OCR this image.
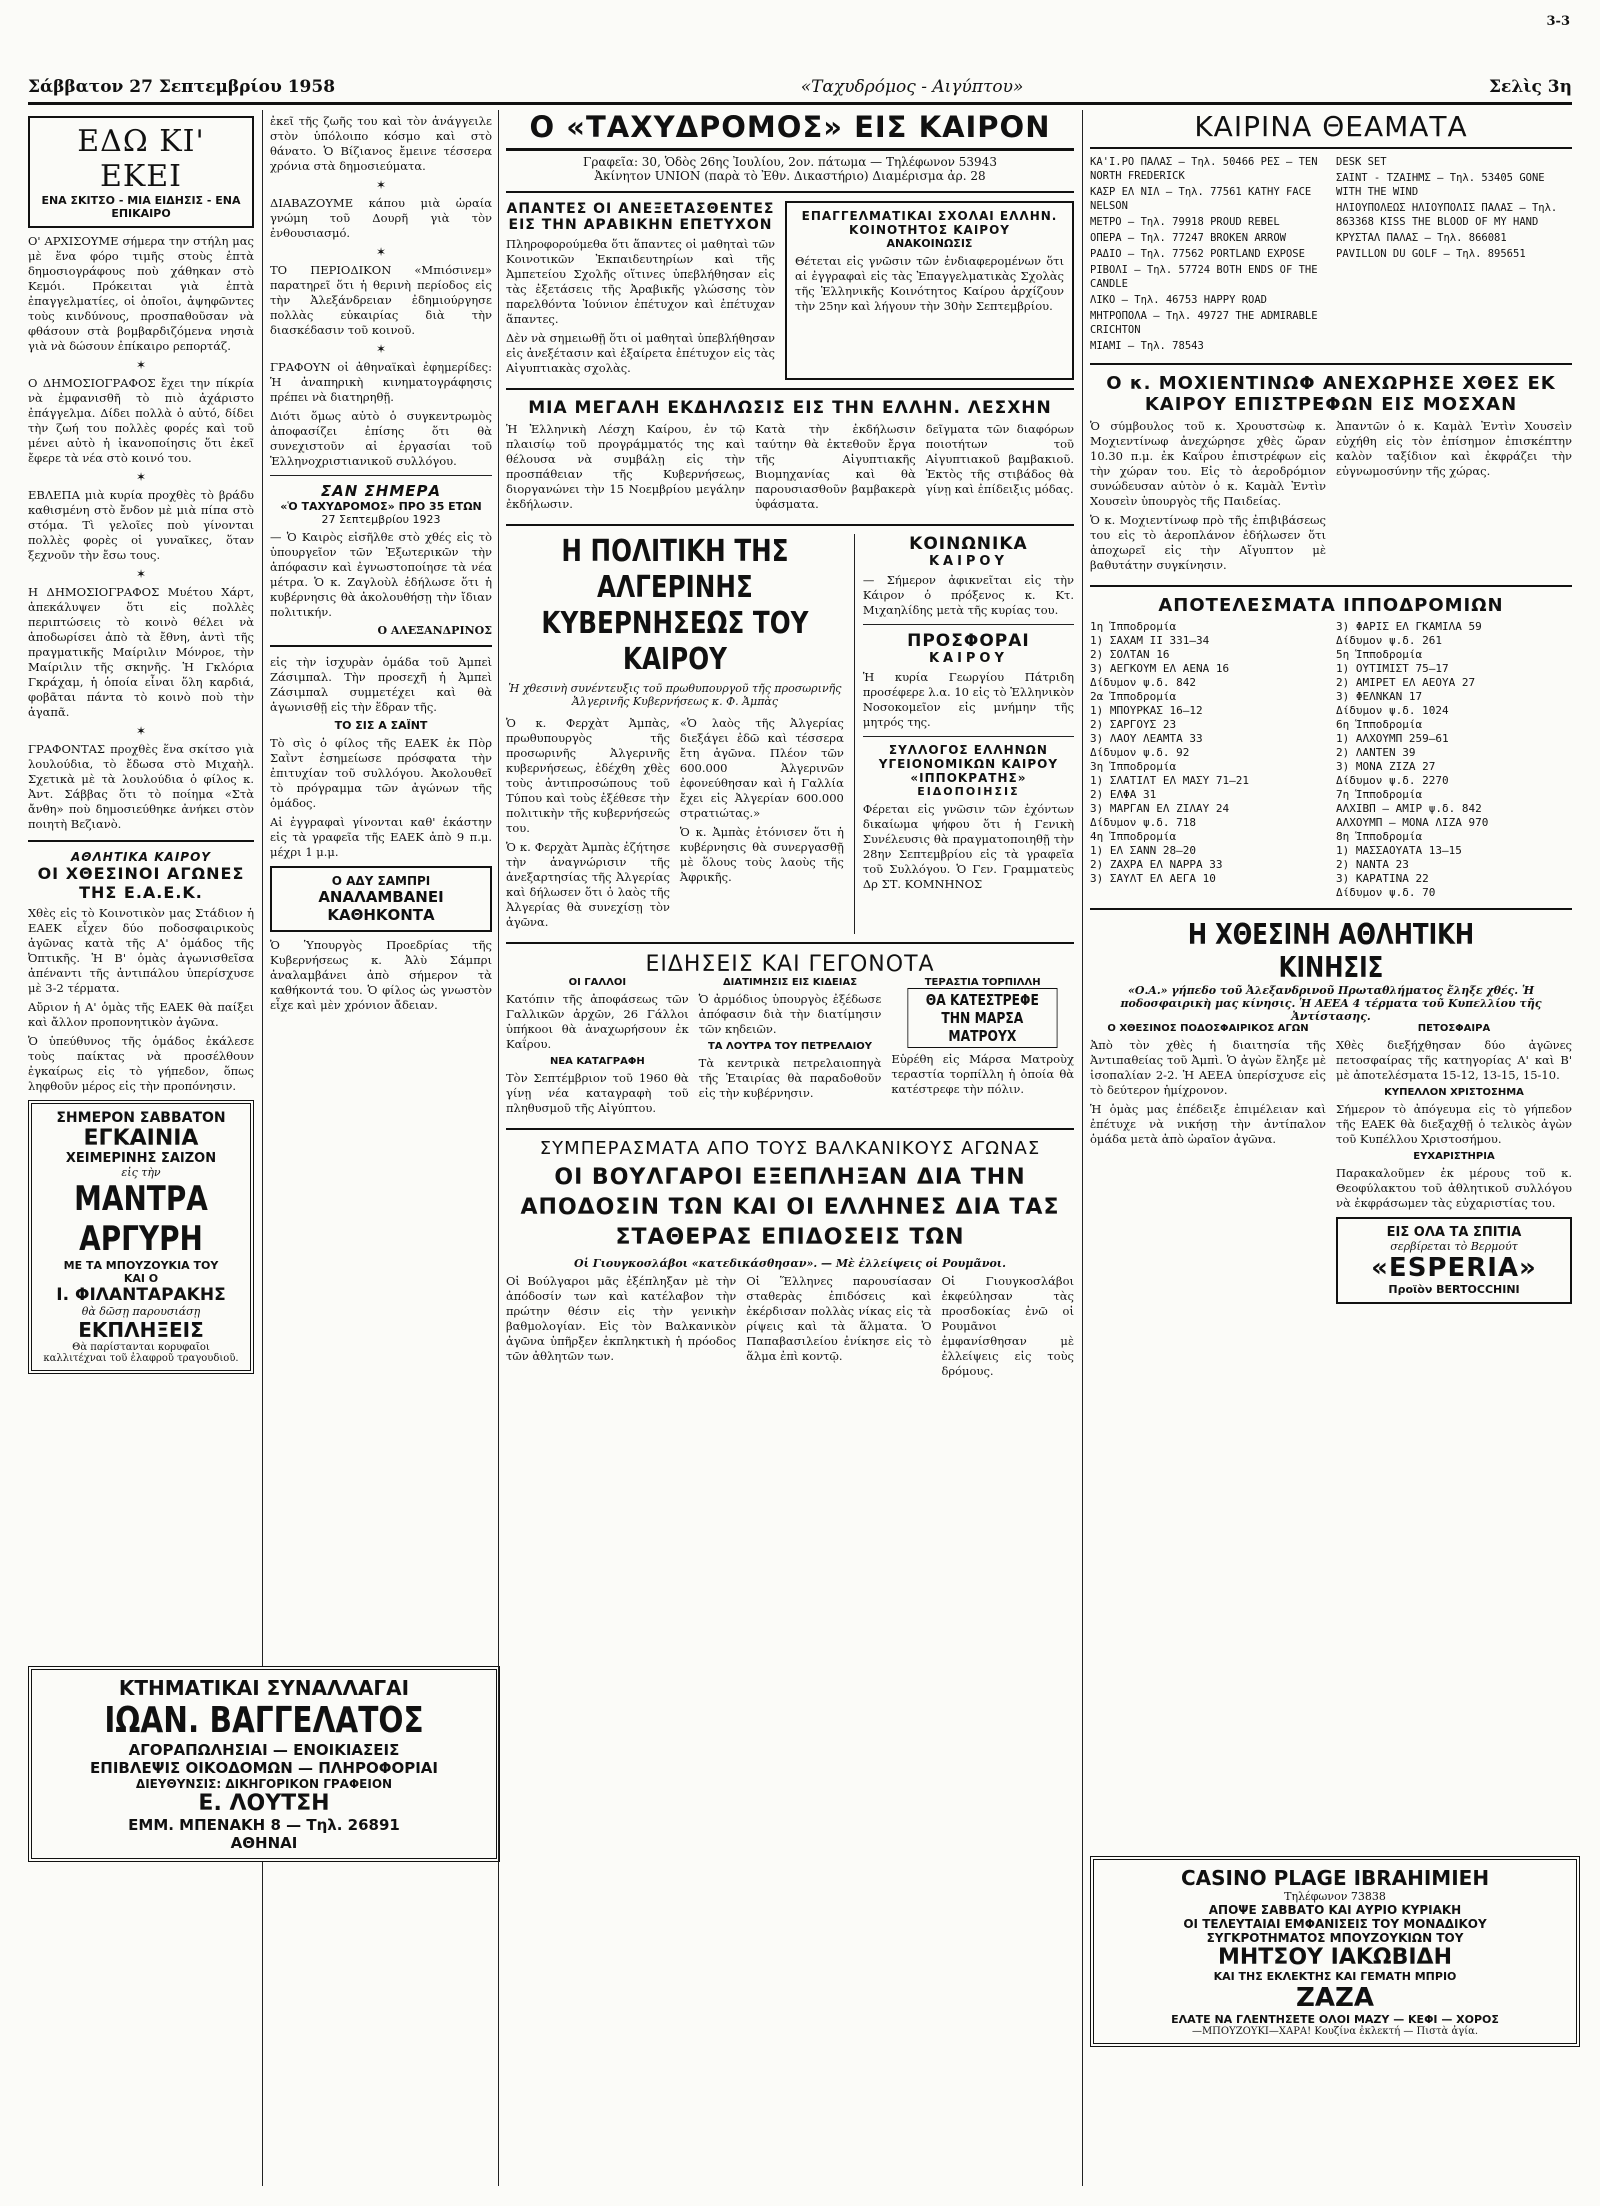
Σάββατον 27 Σεπτεμβρίου 1958	«Ταχυδρόμος - Αιγύπτου»	Σελὶς 3η
3-3
ΕΔΩ ΚΙ' ΕΚΕΙ
ΕΝΑ ΣΚΙΤΣΟ - ΜΙΑ ΕΙΔΗΣΙΣ - ΕΝΑ ΕΠΙΚΑΙΡΟ

Ο' ΑΡΧΙΣΟΥΜΕ σήμερα την στήλη μας μὲ ἕνα φόρο τιμῆς στοὺς ἑπτὰ δημοσιογράφους ποὺ χάθηκαν στὸ Κεμόι. Πρόκειται γιὰ ἑπτὰ ἐπαγγελματίες, οἱ ὁποῖοι, ἀψηφῶντες τοὺς κινδύνους, προσπαθοῦσαν νὰ φθάσουν στὰ βομβαρδιζόμενα νησιὰ γιὰ νὰ δώσουν ἐπίκαιρο ρεπορτάζ.

✶

Ο ΔΗΜΟΣΙΟΓΡΑΦΟΣ ἔχει την πίκρία νὰ ἐμφανισθῆ τὸ πιὸ ἀχάριστο ἐπάγγελμα. Δίδει πολλὰ ὁ αὐτό, δίδει τὴν ζωή του πολλὲς φορές καὶ τοῦ μένει αὐτὸ ἡ ἱκανοποίησις ὅτι ἐκεῖ ἔφερε τὰ νέα στὸ κοινό του.

✶

ΕΒΛΕΠΑ μιὰ κυρία προχθὲς τὸ βράδυ καθισμένη στὸ ἔνδον μὲ μιὰ πίπα στὸ στόμα. Τὶ γελοῖες ποὺ γίνονται πολλὲς φορὲς οἱ γυναῖκες, ὅταν ξεχνοῦν τὴν ἔσω τους.

✶

Η ΔΗΜΟΣΙΟΓΡΑΦΟΣ Μυέτου Χάρτ, ἀπεκάλυψεν ὅτι εἰς πολλὲς περιπτώσεις τὸ κοινὸ θέλει νὰ ἀποδωρίσει ἀπὸ τὰ ἔθνη, ἀντὶ τῆς πραγματικῆς Μαίριλιν Μόνροε, τὴν Μαίριλιν τῆς σκηνῆς. Ἡ Γκλόρια Γκράχαμ, ἡ ὁποία εἶναι ὅλη καρδιά, φοβᾶται πάντα τὸ κοινὸ ποὺ τὴν ἀγαπᾶ.

✶

ΓΡΑΦΟΝΤΑΣ προχθὲς ἕνα σκίτσο γιὰ λουλούδια, τὸ ἔδωσα στὸ Μιχαὴλ. Σχετικὰ μὲ τὰ λουλούδια ὁ φίλος κ. Ἀντ. Σάββας ὅτι τὸ ποίημα «Στὰ ἄνθη» ποὺ δημοσιεύθηκε ἀνήκει στὸν ποιητὴ Βεζιανὸ.

ΑΘΛΗΤΙΚΑ ΚΑΙΡΟΥ
ΟΙ ΧΘΕΣΙΝΟΙ ΑΓΩΝΕΣ ΤΗΣ Ε.Α.Ε.Κ.

Χθὲς εἰς τὸ Κοινοτικὸν μας Στάδιον ἡ ΕΑΕΚ εἶχεν δύο ποδοσφαιρικοὺς ἀγῶνας κατὰ τῆς Α' ὁμάδος τῆς Ὀπτικῆς. Ἡ Β' ὁμὰς ἀγωνισθεῖσα ἀπέναντι τῆς ἀντιπάλου ὑπερίσχυσε μὲ 3-2 τέρματα.

Αὔριον ἡ Α' ὁμὰς τῆς ΕΑΕΚ θὰ παίξει καὶ ἄλλον προπονητικὸν ἀγῶνα.

Ὁ ὑπεύθυνος τῆς ὁμάδος ἐκάλεσε τοὺς παίκτας νὰ προσέλθουν ἐγκαίρως εἰς τὸ γήπεδον, ὅπως ληφθοῦν μέρος εἰς τὴν προπόνησιν.

ΣΗΜΕΡΟΝ ΣΑΒΒΑΤΟΝ
ΕΓΚΑΙΝΙΑ
ΧΕΙΜΕΡΙΝΗΣ ΣΑΙΖΟΝ
εἰς τὴν
ΜΑΝΤΡΑ ΑΡΓΥΡΗ
ΜΕ ΤΑ ΜΠΟΥΖΟΥΚΙΑ ΤΟΥ
ΚΑΙ Ο
Ι. ΦΙΛΑΝΤΑΡΑΚΗΣ
θὰ δῶσῃ παρουσιάσῃ
ΕΚΠΛΗΞΕΙΣ
Θὰ παρίστανται κορυφαῖοι καλλιτέχναι τοῦ ἐλαφροῦ τραγουδιοῦ.

ἐκεῖ τῆς ζωῆς του καὶ τὸν ἀνάγγειλε στὸν ὑπόλοιπο κόσμο καὶ στὸ θάνατο. Ὁ Βίζιανος ἔμεινε τέσσερα χρόνια στὰ δημοσιεύματα.

✶

ΔΙΑΒΑΖΟΥΜΕ κάπου μιὰ ὡραία γνώμη τοῦ Δουρῆ γιὰ τὸν ἐνθουσιασμό.

✶

ΤΟ ΠΕΡΙΟΔΙΚΟΝ «Μπιόσινεμ» παρατηρεῖ ὅτι ἡ θερινὴ περίοδος εἰς τὴν Ἀλεξάνδρειαν ἐδημιούργησε πολλὰς εὐκαιρίας διὰ τὴν διασκέδασιν τοῦ κοινοῦ.

✶

ΓΡΑΦΟΥΝ οἱ ἀθηναϊκαὶ ἐφημερίδες: Ἡ ἀναπηρικὴ κινηματογράφησις πρέπει νὰ διατηρηθῇ.

Διότι ὅμως αὐτὸ ὁ συγκεντρωμὸς ἀποφασίζει ἐπίσης ὅτι θὰ συνεχιστοῦν αἱ ἐργασίαι τοῦ Ἑλληνοχριστιανικοῦ συλλόγου.

ΣΑΝ ΣΗΜΕΡΑ
«Ὁ ΤΑΧΥΔΡΟΜΟΣ» ΠΡΟ 35 ΕΤΩΝ
27 Σεπτεμβρίου 1923

— Ὁ Καιρὸς εἰσῆλθε στὸ χθές εἰς τὸ ὑπουργεῖον τῶν Ἐξωτερικῶν τὴν ἀπόφασιν καὶ ἐγνωστοποίησε τὰ νέα μέτρα. Ὁ κ. Ζαγλοὺλ ἐδήλωσε ὅτι ἡ κυβέρνησις θὰ ἀκολουθήσῃ τὴν ἴδιαν πολιτικήν.

Ο ΑΛΕΞΑΝΔΡΙΝΟΣ

εἰς τὴν ἰσχυρὰν ὁμάδα τοῦ Ἀμπεὶ Ζάσιμπαλ. Τὴν προσεχῆ ἡ Ἀμπεὶ Ζάσιμπαλ συμμετέχει καὶ θὰ ἀγωνισθῇ εἰς τὴν ἕδραν τῆς.

ΤΟ ΣΙΣ Α ΣΑΪΝΤ

Τὸ σὶς ὁ φίλος τῆς ΕΑΕΚ ἐκ Πὸρ Σαῒντ ἐσημείωσε πρόσφατα τὴν ἐπιτυχίαν τοῦ συλλόγου. Ἀκολουθεῖ τὸ πρόγραμμα τῶν ἀγώνων τῆς ὁμάδος.

Αἱ ἐγγραφαὶ γίνονται καθ' ἑκάστην εἰς τὰ γραφεῖα τῆς ΕΑΕΚ ἀπὸ 9 π.μ. μέχρι 1 μ.μ.

Ο ΑΔΥ ΣΑΜΠΡΙ
ΑΝΑΛΑΜΒΑΝΕΙ ΚΑΘΗΚΟΝΤΑ

Ὁ Ὑπουργὸς Προεδρίας τῆς Κυβερνήσεως κ. Ἀλὺ Σάμπρι ἀναλαμβάνει ἀπὸ σήμερον τὰ καθήκοντά του. Ὁ φίλος ὡς γνωστὸν εἶχε καὶ μὲν χρόνιον ἄδειαν.

ΚΤΗΜΑΤΙΚΑΙ ΣΥΝΑΛΛΑΓΑΙ
ΙΩΑΝ. ΒΑΓΓΕΛΑΤΟΣ
ΑΓΟΡΑΠΩΛΗΣΙΑΙ — ΕΝΟΙΚΙΑΣΕΙΣ
ΕΠΙΒΛΕΨΙΣ ΟΙΚΟΔΟΜΩΝ — ΠΛΗΡΟΦΟΡΙΑΙ
ΔΙΕΥΘΥΝΣΙΣ: ΔΙΚΗΓΟΡΙΚΟΝ ΓΡΑΦΕΙΟΝ
Ε. ΛΟΥΤΣΗ
ΕΜΜ. ΜΠΕΝΑΚΗ 8 — Τηλ. 26891
ΑΘΗΝΑΙ
Ο «ΤΑΧΥΔΡΟΜΟΣ» ΕΙΣ ΚΑΙΡΟΝ
Γραφεῖα: 30, Ὁδὸς 26ης Ἰουλίου, 2ον. πάτωμα — Τηλέφωνον 53943
Ἀκίνητον UNION (παρὰ τὸ Ἐθν. Δικαστήριο) Διαμέρισμα ἀρ. 28
ΑΠΑΝΤΕΣ ΟΙ ΑΝΕΞΕΤΑΣΘΕΝΤΕΣ ΕΙΣ ΤΗΝ ΑΡΑΒΙΚΗΝ ΕΠΕΤΥΧΟΝ

Πληροφορούμεθα ὅτι ἅπαντες οἱ μαθηταὶ τῶν Κοινοτικῶν Ἐκπαιδευτηρίων καὶ τῆς Ἀμπετείου Σχολῆς οἵτινες ὑπεβλήθησαν εἰς τὰς ἐξετάσεις τῆς Ἀραβικῆς γλώσσης τὸν παρελθόντα Ἰούνιον ἐπέτυχον καὶ ἐπέτυχαν ἅπαντες.

Δὲν νὰ σημειωθῇ ὅτι οἱ μαθηταὶ ὑπεβλήθησαν εἰς ἀνεξέτασιν καὶ ἐξαίρετα ἐπέτυχον εἰς τὰς Αἰγυπτιακὰς σχολὰς.

ΕΠΑΓΓΕΛΜΑΤΙΚΑΙ ΣΧΟΛΑΙ ΕΛΛΗΝ. ΚΟΙΝΟΤΗΤΟΣ ΚΑΙΡΟΥ
ΑΝΑΚΟΙΝΩΣΙΣ

Θέτεται εἰς γνῶσιν τῶν ἐνδιαφερομένων ὅτι αἱ ἐγγραφαὶ εἰς τὰς Ἐπαγγελματικὰς Σχολὰς τῆς Ἑλληνικῆς Κοινότητος Καίρου ἀρχίζουν τὴν 25ην καὶ λήγουν τὴν 30ὴν Σεπτεμβρίου.

ΜΙΑ ΜΕΓΑΛΗ ΕΚΔΗΛΩΣΙΣ ΕΙΣ ΤΗΝ ΕΛΛΗΝ. ΛΕΣΧΗΝ

Ἡ Ἑλληνικὴ Λέσχη Καίρου, ἐν τῷ πλαισίῳ τοῦ προγράμματός της καὶ θέλουσα νὰ συμβάλῃ εἰς τὴν προσπάθειαν τῆς Κυβερνήσεως, διοργανώνει τὴν 15 Νοεμβρίου μεγάλην ἐκδήλωσιν.

Κατὰ τὴν ἐκδήλωσιν ταύτην θὰ ἐκτεθοῦν ἔργα τῆς Αἰγυπτιακῆς Βιομηχανίας καὶ θὰ παρουσιασθοῦν βαμβακερὰ ὑφάσματα.

δεῖγματα τῶν διαφόρων ποιοτήτων τοῦ Αἰγυπτιακοῦ βαμβακιοῦ. Ἐκτὸς τῆς στιβάδος θὰ γίνῃ καὶ ἐπίδειξις μόδας.

Η ΠΟΛΙΤΙΚΗ ΤΗΣ ΑΛΓΕΡΙΝΗΣ ΚΥΒΕΡΝΗΣΕΩΣ ΤΟΥ ΚΑΙΡΟΥ
Ἡ χθεσινὴ συνέντευξις τοῦ πρωθυπουργοῦ τῆς προσωρινῆς Ἀλγερινῆς Κυβερνήσεως κ. Φ. Ἀμπὰς

Ὁ κ. Φερχὰτ Ἀμπὰς, πρωθυπουργὸς τῆς προσωρινῆς Ἀλγερινῆς κυβερνήσεως, ἐδέχθη χθὲς τοὺς ἀντιπροσώπους τοῦ Τύπου καὶ τοὺς ἐξέθεσε τὴν πολιτικὴν τῆς κυβερνήσεώς του.

Ὁ κ. Φερχὰτ Ἀμπὰς ἐζήτησε τὴν ἀναγνώρισιν τῆς ἀνεξαρτησίας τῆς Ἀλγερίας καὶ δήλωσεν ὅτι ὁ λαὸς τῆς Ἀλγερίας θὰ συνεχίσῃ τὸν ἀγῶνα.

«Ὁ λαὸς τῆς Ἀλγερίας διεξάγει ἐδῶ καὶ τέσσερα ἔτη ἀγῶνα. Πλέον τῶν 600.000 Ἀλγερινῶν ἐφονεύθησαν καὶ ἡ Γαλλία ἔχει εἰς Ἀλγερίαν 600.000 στρατιώτας.»

Ὁ κ. Ἀμπὰς ἐτόνισεν ὅτι ἡ κυβέρνησις θὰ συνεργασθῇ μὲ ὅλους τοὺς λαοὺς τῆς Ἀφρικῆς.

ΚΟΙΝΩΝΙΚΑ
ΚΑΙΡΟΥ

— Σήμερον ἀφικνεῖται εἰς τὴν Κάιρον ὁ πρόξενος κ. Κτ. Μιχαηλίδης μετὰ τῆς κυρίας του.

ΠΡΟΣΦΟΡΑΙ
ΚΑΙΡΟΥ

Ἡ κυρία Γεωργίου Πάτριδη προσέφερε λ.α. 10 εἰς τὸ Ἑλληνικὸν Νοσοκομεῖον εἰς μνήμην τῆς μητρός της.

ΣΥΛΛΟΓΟΣ ΕΛΛΗΝΩΝ ΥΓΕΙΟΝΟΜΙΚΩΝ ΚΑΙΡΟΥ «ΙΠΠΟΚΡΑΤΗΣ»
ΕΙΔΟΠΟΙΗΣΙΣ

Φέρεται εἰς γνῶσιν τῶν ἐχόντων δικαίωμα ψήφου ὅτι ἡ Γενικὴ Συνέλευσις θὰ πραγματοποιηθῇ τὴν 28ην Σεπτεμβρίου εἰς τὰ γραφεῖα τοῦ Συλλόγου. Ὁ Γεν. Γραμματεὺς Δρ ΣΤ. ΚΟΜΝΗΝΟΣ

ΕΙΔΗΣΕΙΣ ΚΑΙ ΓΕΓΟΝΟΤΑ
ΟΙ ΓΑΛΛΟΙ

Κατόπιν τῆς ἀποφάσεως τῶν Γαλλικῶν ἀρχῶν, 26 Γάλλοι ὑπήκοοι θὰ ἀναχωρήσουν ἐκ Καΐρου.

ΝΕΑ ΚΑΤΑΓΡΑΦΗ

Τὸν Σεπτέμβριον τοῦ 1960 θὰ γίνῃ νέα καταγραφὴ τοῦ πληθυσμοῦ τῆς Αἰγύπτου.

ΔΙΑΤΙΜΗΣΙΣ ΕΙΣ ΚΙΔΕΙΑΣ

Ὁ ἀρμόδιος ὑπουργὸς ἐξέδωσε ἀπόφασιν διὰ τὴν διατίμησιν τῶν κηδειῶν.

ΤΑ ΛΟΥΤΡΑ ΤΟΥ ΠΕΤΡΕΛΑΙΟΥ

Τὰ κεντρικὰ πετρελαιοπηγὰ τῆς Ἑταιρίας θὰ παραδοθοῦν εἰς τὴν κυβέρνησιν.

ΤΕΡΑΣΤΙΑ ΤΟΡΠΙΛΛΗ
ΘΑ ΚΑΤΕΣΤΡΕΦΕ ΤΗΝ ΜΑΡΣΑ ΜΑΤΡΟΥΧ

Εὑρέθη εἰς Μάρσα Ματροὺχ τεραστία τορπίλλη ἡ ὁποία θὰ κατέστρεφε τὴν πόλιν.

ΣΥΜΠΕΡΑΣΜΑΤΑ ΑΠΟ ΤΟΥΣ ΒΑΛΚΑΝΙΚΟΥΣ ΑΓΩΝΑΣ
ΟΙ ΒΟΥΛΓΑΡΟΙ ΕΞΕΠΛΗΞΑΝ ΔΙΑ ΤΗΝ ΑΠΟΔΟΣΙΝ ΤΩΝ ΚΑΙ ΟΙ ΕΛΛΗΝΕΣ ΔΙΑ ΤΑΣ ΣΤΑΘΕΡΑΣ ΕΠΙΔΟΣΕΙΣ ΤΩΝ
Οἱ Γιουγκοσλάβοι «κατεδικάσθησαν». — Μὲ ἐλλείψεις οἱ Ρουμᾶνοι.

Οἱ Βούλγαροι μᾶς ἐξέπληξαν μὲ τὴν ἀπόδοσίν των καὶ κατέλαβον τὴν πρώτην θέσιν εἰς τὴν γενικὴν βαθμολογίαν. Εἰς τὸν Βαλκανικὸν ἀγῶνα ὑπῆρξεν ἐκπληκτικὴ ἡ πρόοδος τῶν ἀθλητῶν των.

Οἱ Ἕλληνες παρουσίασαν σταθερὰς ἐπιδόσεις καὶ ἐκέρδισαν πολλὰς νίκας εἰς τὰ ρίψεις καὶ τὰ ἅλματα. Ὁ Παπαβασιλείου ἐνίκησε εἰς τὸ ἅλμα ἐπὶ κοντῷ.

Οἱ Γιουγκοσλάβοι ἐκφεύλησαν τὰς προσδοκίας ἐνῶ οἱ Ρουμᾶνοι ἐμφανίσθησαν μὲ ἐλλείψεις εἰς τοὺς δρόμους.

ΚΑΙΡΙΝΑ ΘΕΑΜΑΤΑ
ΚΑ'Ι.ΡΟ ΠΑΛΑΣ — Τηλ. 50466 ΡΕΣ — TEN NORTH FREDERICK
ΚΑΣΡ ΕΛ ΝΙΛ — Τηλ. 77561 KATHY FACE NELSON
ΜΕΤΡΟ — Τηλ. 79918 PROUD REBEL
ΟΠΕΡΑ — Τηλ. 77247 BROKEN ARROW
ΡΑΔΙΟ — Τηλ. 77562 PORTLAND EXPOSE
ΡΙΒΟΛΙ — Τηλ. 57724 BOTH ENDS OF THE CANDLE
ΛΙΚΟ — Τηλ. 46753 HAPPY ROAD
ΜΗΤΡΟΠΟΛΑ — Τηλ. 49727 THE ADMIRABLE CRICHTON
ΜΙΑΜΙ — Τηλ. 78543
DESK SET
ΣΑΙΝΤ - ΤΖΑΙΗΜΣ — Τηλ. 53405 GONE WITH THE WIND
ΗΛΙΟΥΠΟΛΕΩΣ ΗΛΙΟΥΠΟΛΙΣ ΠΑΛΑΣ — Τηλ. 863368 KISS THE BLOOD OF MY HAND
ΚΡΥΣΤΑΛ ΠΑΛΑΣ — Τηλ. 866081
PAVILLON DU GOLF — Τηλ. 895651
Ο κ. ΜΟΧΙΕΝΤΙΝΩΦ ΑΝΕΧΩΡΗΣΕ ΧΘΕΣ ΕΚ ΚΑΙΡΟΥ ΕΠΙΣΤΡΕΦΩΝ ΕΙΣ ΜΟΣΧΑΝ

Ὁ σύμβουλος τοῦ κ. Χρουστσὼφ κ. Μοχιεντίνωφ ἀνεχώρησε χθὲς ὥραν 10.30 π.μ. ἐκ Καΐρου ἐπιστρέφων εἰς τὴν χώραν του. Εἰς τὸ ἀεροδρόμιον συνώδευσαν αὐτὸν ὁ κ. Καμὰλ Ἐντὶν Χουσεὶν ὑπουργὸς τῆς Παιδείας.

Ὁ κ. Μοχιεντίνωφ πρὸ τῆς ἐπιβιβάσεως του εἰς τὸ ἀεροπλάνον ἐδήλωσεν ὅτι ἀποχωρεῖ εἰς τὴν Αἴγυπτον μὲ βαθυτάτην συγκίνησιν.

Ἀπαντῶν ὁ κ. Καμὰλ Ἐντὶν Χουσεὶν εὐχήθη εἰς τὸν ἐπίσημον ἐπισκέπτην καλὸν ταξίδιον καὶ ἐκφράζει τὴν εὐγνωμοσύνην τῆς χώρας.

ΑΠΟΤΕΛΕΣΜΑΤΑ ΙΠΠΟΔΡΟΜΙΩΝ
1η Ἱπποδρομία
1) ΣΑΧΑΜ ΙΙ 331—34
2) ΣΟΛΤΑΝ 16
3) ΑΕΓΚΟΥΜ ΕΛ ΑΕΝΑ 16
Δίδυμον ψ.δ. 842
2α Ἱπποδρομία
1) ΜΠΟΥΡΚΑΣ 16—12
2) ΣΑΡΓΟΥΣ 23
3) ΛΑΟΥ ΛΕΑΜΤΑ 33
Δίδυμον ψ.δ. 92
3η Ἱπποδρομία
1) ΣΛΑΤΙΛΤ ΕΛ ΜΑΣΥ 71—21
2) ΕΛΦΑ 31
3) ΜΑΡΓΑΝ ΕΛ ΖΙΛΑΥ 24
Δίδυμον ψ.δ. 718
4η Ἱπποδρομία
1) ΕΛ ΣΑΝΝ 28—20
2) ΖΑΧΡΑ ΕΛ ΝΑΡΡΑ 33
3) ΣΑΥΛΤ ΕΛ ΑΕΓΑ 10
3) ΦΑΡΙΣ ΕΛ ΓΚΑΜΙΛΑ 59
Δίδυμον ψ.δ. 261
5η Ἱπποδρομία
1) ΟΥΤΙΜΙΣΤ 75—17
2) ΑΜΙΡΕΤ ΕΛ ΑΕΟΥΑ 27
3) ΦΕΛΝΚΑΝ 17
Δίδυμον ψ.δ. 1024
6η Ἱπποδρομία
1) ΑΛΧΟΥΜΠ 259—61
2) ΛΑΝΤΕΝ 39
3) ΜΟΝΑ ΖΙΖΑ 27
Δίδυμον ψ.δ. 2270
7η Ἱπποδρομία
ΑΛΧΙΒΠ — ΑΜΙΡ ψ.δ. 842
ΑΛΧΟΥΜΠ — ΜΟΝΑ ΛΙΖΑ 970
8η Ἱπποδρομία
1) ΜΑΣΣΑΟΥΑΤΑ 13—15
2) ΝΑΝΤΑ 23
3) ΚΑΡΑΤΙΝΑ 22
Δίδυμον ψ.δ. 70
Η ΧΘΕΣΙΝΗ ΑΘΛΗΤΙΚΗ ΚΙΝΗΣΙΣ
«Ο.Α.» γήπεδο τοῦ Ἀλεξανδρινοῦ Πρωταθλήματος ἔληξε χθές. Ἡ ποδοσφαιρικὴ μας κίνησις. Ἡ ΑΕΕΑ 4 τέρματα τοῦ Κυπελλίου τῆς Ἀντίστασης.
Ο ΧΘΕΣΙΝΟΣ ΠΟΔΟΣΦΑΙΡΙΚΟΣ ΑΓΩΝ

Ἀπὸ τὸν χθὲς ἡ διαιτησία τῆς Ἀντιπαθείας τοῦ Ἀμπὶ. Ὁ ἀγὼν ἔληξε μὲ ἰσοπαλίαν 2-2. Ἡ ΑΕΕΑ ὑπερίσχυσε εἰς τὸ δεύτερον ἡμίχρονον.

Ἡ ὁμὰς μας ἐπέδειξε ἐπιμέλειαν καὶ ἐπέτυχε νὰ νικήσῃ τὴν ἀντίπαλον ὁμάδα μετὰ ἀπὸ ὡραῖον ἀγῶνα.

ΠΕΤΟΣΦΑΙΡΑ

Χθὲς διεξήχθησαν δύο ἀγῶνες πετοσφαίρας τῆς κατηγορίας Α' καὶ Β' μὲ ἀποτελέσματα 15-12, 13-15, 15-10.

ΚΥΠΕΛΛΟΝ ΧΡΙΣΤΟΣΗΜΑ

Σήμερον τὸ ἀπόγευμα εἰς τὸ γήπεδον τῆς ΕΑΕΚ θὰ διεξαχθῇ ὁ τελικὸς ἀγὼν τοῦ Κυπέλλου Χριστοσήμου.

ΕΥΧΑΡΙΣΤΗΡΙΑ

Παρακαλοῦμεν ἐκ μέρους τοῦ κ. Θεοφύλακτου τοῦ ἀθλητικοῦ συλλόγου νὰ ἐκφράσωμεν τὰς εὐχαριστίας του.

ΕΙΣ ΟΛΑ ΤΑ ΣΠΙΤΙΑ
σερβίρεται τὸ Βερμούτ
«ESPERIA»
Προϊὸν BERTOCCHINI
CASINO PLAGE IBRAHIMIEH
Τηλέφωνον 73838
ΑΠΟΨΕ ΣΑΒΒΑΤΟ ΚΑΙ ΑΥΡΙΟ ΚΥΡΙΑΚΗ
ΟΙ ΤΕΛΕΥΤΑΙΑΙ ΕΜΦΑΝΙΣΕΙΣ ΤΟΥ ΜΟΝΑΔΙΚΟΥ
ΣΥΓΚΡΟΤΗΜΑΤΟΣ ΜΠΟΥΖΟΥΚΙΩΝ ΤΟΥ
ΜΗΤΣΟΥ ΙΑΚΩΒΙΔΗ
ΚΑΙ ΤΗΣ ΕΚΛΕΚΤΗΣ ΚΑΙ ΓΕΜΑΤΗ ΜΠΡΙΟ
ΖΑΖΑ
ΕΛΑΤΕ ΝΑ ΓΛΕΝΤΗΣΕΤΕ ΟΛΟΙ ΜΑΖΥ — ΚΕΦΙ — ΧΟΡΟΣ
—ΜΠΟΥΖΟΥΚΙ—ΧΑΡΑ! Κουζίνα ἐκλεκτή — Πιστὰ ἀγία.
